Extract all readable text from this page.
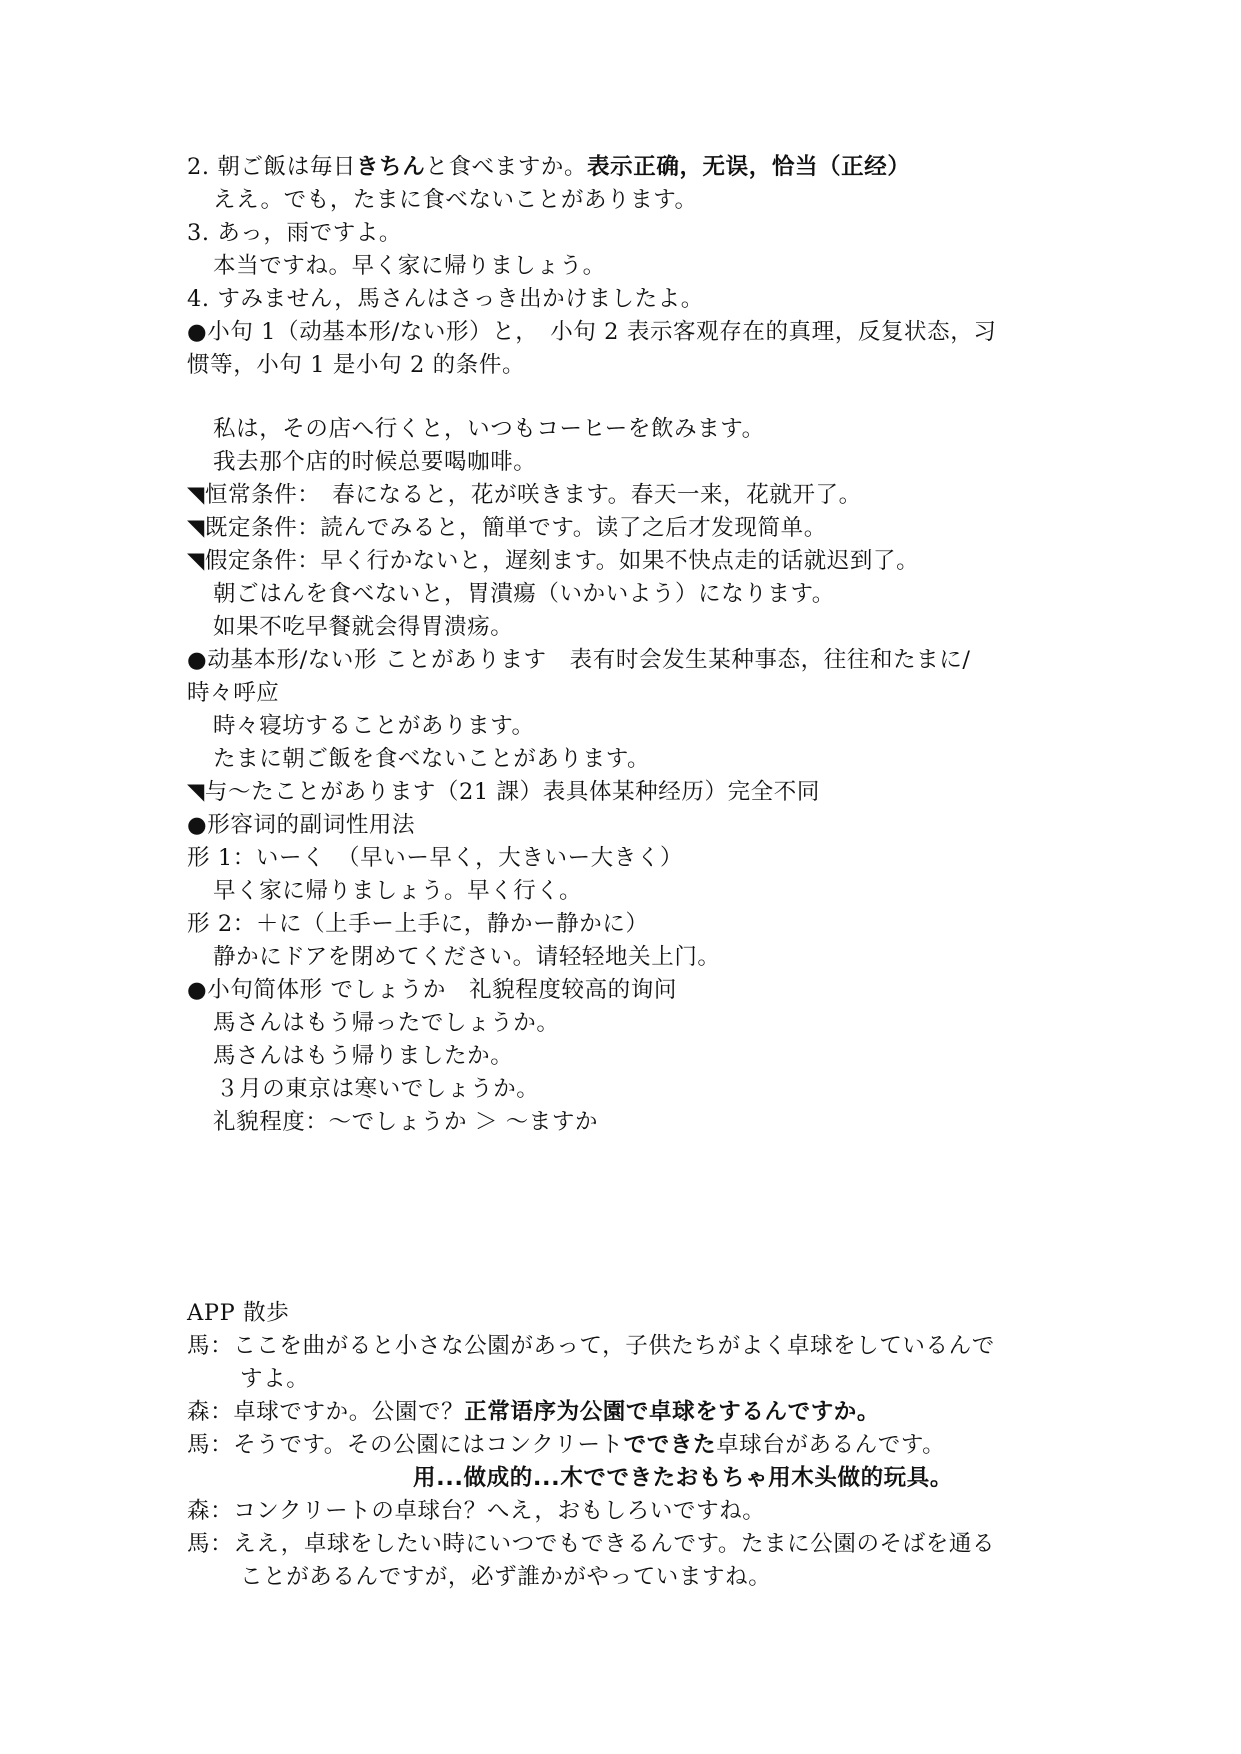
2. 朝ご飯は毎日きちんと食べますか。表示正确，无误，恰当（正经）
ええ。でも，たまに食べないことがあります。
3. あっ，雨ですよ。
本当ですね。早く家に帰りましょう。
4. すみません，馬さんはさっき出かけましたよ。
●小句 1（动基本形/ない形）と，　小句 2 表示客观存在的真理，反复状态，习
惯等，小句 1 是小句 2 的条件。
私は，その店へ行くと，いつもコーヒーを飲みます。
我去那个店的时候总要喝咖啡。
◥恒常条件：　春になると，花が咲きます。春天一来，花就开了。
◥既定条件：読んでみると，簡単です。读了之后才发现简单。
◥假定条件：早く行かないと，遅刻ます。如果不快点走的话就迟到了。
朝ごはんを食べないと，胃潰瘍（いかいよう）になります。
如果不吃早餐就会得胃溃疡。
●动基本形/ない形 ことがあります　表有时会发生某种事态，往往和たまに/
時々呼应
時々寝坊することがあります。
たまに朝ご飯を食べないことがあります。
◥与～たことがあります（21 課）表具体某种经历）完全不同
●形容词的副词性用法
形 1：いーく　（早いー早く，大きいー大きく）
早く家に帰りましょう。早く行く。
形 2：＋に（上手ー上手に，静かー静かに）
静かにドアを閉めてください。请轻轻地关上门。
●小句简体形 でしょうか　礼貌程度较高的询问
馬さんはもう帰ったでしょうか。
馬さんはもう帰りましたか。
３月の東京は寒いでしょうか。
礼貌程度：～でしょうか ＞ ～ますか
APP 散歩
馬：ここを曲がると小さな公園があって，子供たちがよく卓球をしているんで
すよ。
森：卓球ですか。公園で？正常语序为公園で卓球をするんですか。
馬：そうです。その公園にはコンクリートでできた卓球台があるんです。
用...做成的...木でできたおもちゃ用木头做的玩具。
森：コンクリートの卓球台？へえ，おもしろいですね。
馬：ええ，卓球をしたい時にいつでもできるんです。たまに公園のそばを通る
ことがあるんですが，必ず誰かがやっていますね。
